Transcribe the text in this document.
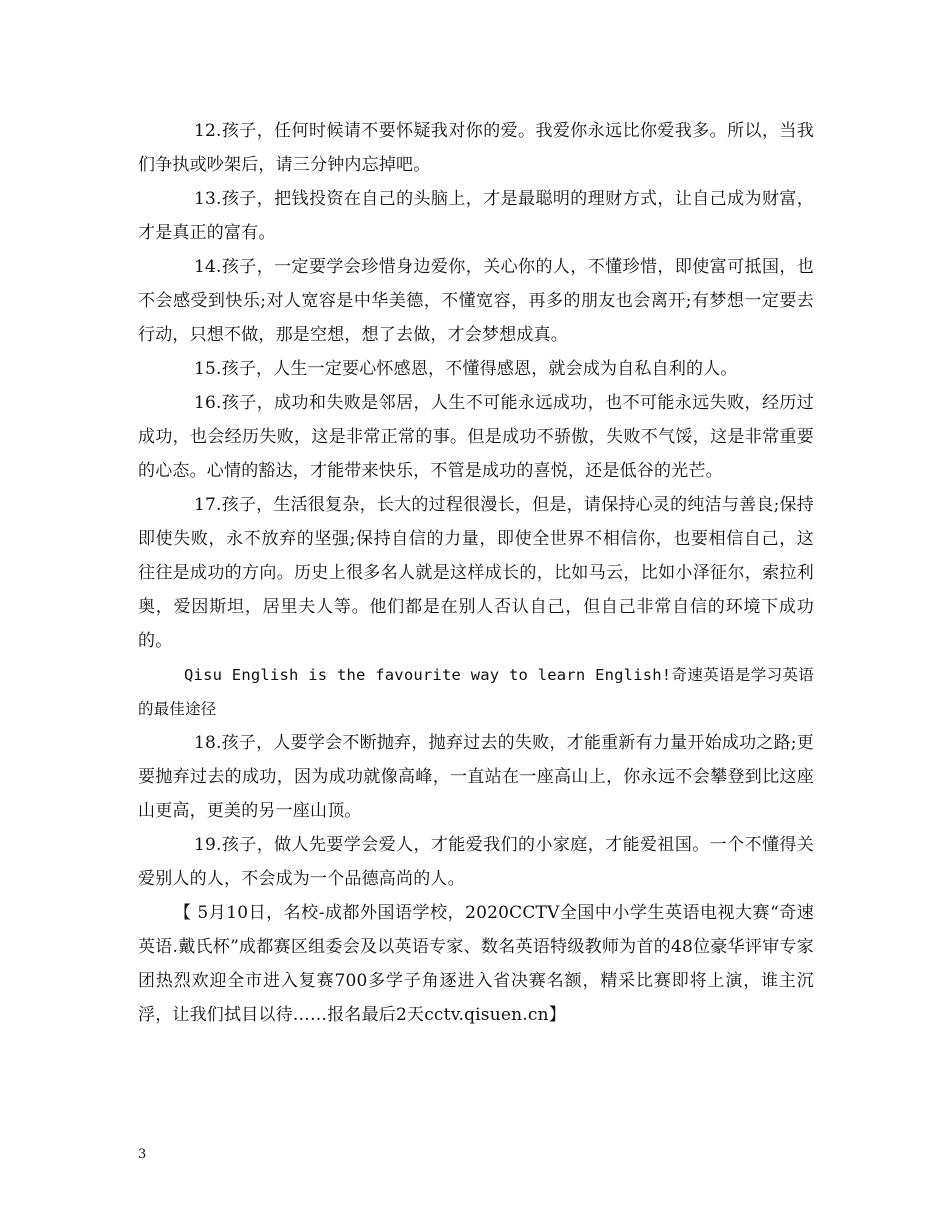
12.孩子，任何时候请不要怀疑我对你的爱。我爱你永远比你爱我多。所以，当我们争执或吵架后，请三分钟内忘掉吧。

13.孩子，把钱投资在自己的头脑上，才是最聪明的理财方式，让自己成为财富，才是真正的富有。

14.孩子，一定要学会珍惜身边爱你，关心你的人，不懂珍惜，即使富可抵国，也不会感受到快乐;对人宽容是中华美德，不懂宽容，再多的朋友也会离开;有梦想一定要去行动，只想不做，那是空想，想了去做，才会梦想成真。

15.孩子，人生一定要心怀感恩，不懂得感恩，就会成为自私自利的人。

16.孩子，成功和失败是邻居，人生不可能永远成功，也不可能永远失败，经历过成功，也会经历失败，这是非常正常的事。但是成功不骄傲，失败不气馁，这是非常重要的心态。心情的豁达，才能带来快乐，不管是成功的喜悦，还是低谷的光芒。

17.孩子，生活很复杂，长大的过程很漫长，但是，请保持心灵的纯洁与善良;保持即使失败，永不放弃的坚强;保持自信的力量，即使全世界不相信你，也要相信自己，这往往是成功的方向。历史上很多名人就是这样成长的，比如马云，比如小泽征尔，索拉利奥，爱因斯坦，居里夫人等。他们都是在别人否认自己，但自己非常自信的环境下成功的。

Qisu English is the favourite way to learn English!奇速英语是学习英语的最佳途径

18.孩子，人要学会不断抛弃，抛弃过去的失败，才能重新有力量开始成功之路;更要抛弃过去的成功，因为成功就像高峰，一直站在一座高山上，你永远不会攀登到比这座山更高，更美的另一座山顶。

19.孩子，做人先要学会爱人，才能爱我们的小家庭，才能爱祖国。一个不懂得关爱别人的人，不会成为一个品德高尚的人。

【 5月10日，名校-成都外国语学校，2020CCTV全国中小学生英语电视大赛“奇速英语.戴氏杯”成都赛区组委会及以英语专家、数名英语特级教师为首的48位豪华评审专家团热烈欢迎全市进入复赛700多学子角逐进入省决赛名额，精采比赛即将上演，谁主沉浮，让我们拭目以待……报名最后2天cctv.qisuen.cn】

3
